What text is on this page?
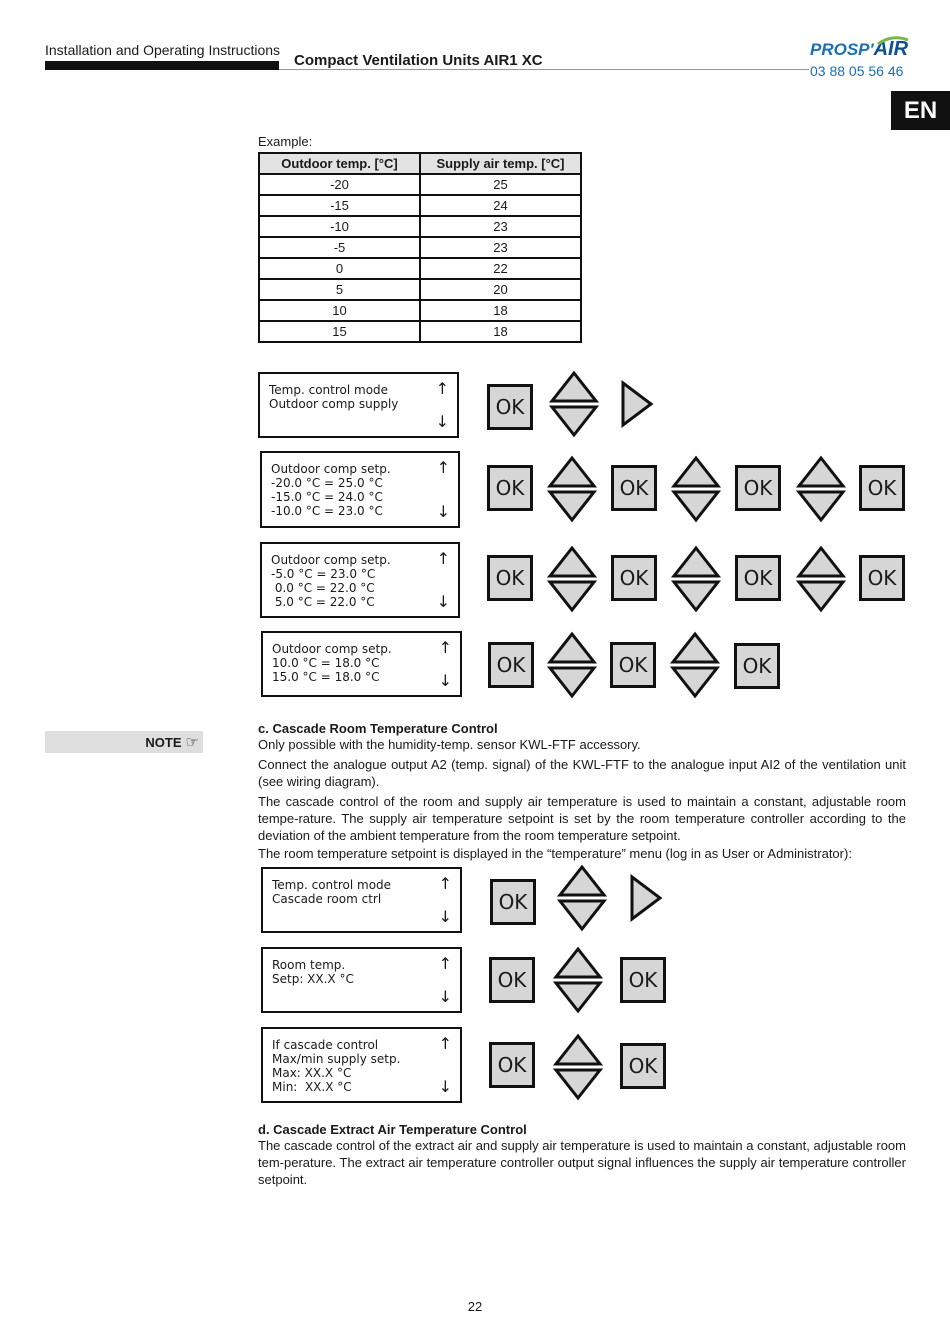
Installation and Operating Instructions
Compact Ventilation Units AIR1 XC
PROSP'AIR
03 88 05 56 46
EN
Example:
Outdoor temp. [°C]	Supply air temp. [°C]
-20	25
-15	24
-10	23
-5	23
0	22
5	20
10	18
15	18
Temp. control mode
Outdoor comp supply
↑
↓
OK
Outdoor comp setp.
-20.0 °C = 25.0 °C
-15.0 °C = 24.0 °C
-10.0 °C = 23.0 °C
↑
↓
OK	OK	OK	OK
Outdoor comp setp.
-5.0 °C = 23.0 °C
0.0 °C = 22.0 °C
5.0 °C = 22.0 °C
↑
↓
OK	OK	OK	OK
Outdoor comp setp.
10.0 °C = 18.0 °C
15.0 °C = 18.0 °C
↑
↓
OK	OK	OK
NOTE ☞
c. Cascade Room Temperature Control
Only possible with the humidity-temp. sensor KWL-FTF accessory.
Connect the analogue output A2 (temp. signal) of the KWL-FTF to the analogue input AI2 of the ventilation unit (see wiring diagram).
The cascade control of the room and supply air temperature is used to maintain a constant, adjustable room tempe-rature. The supply air temperature setpoint is set by the room temperature controller according to the deviation of the ambient temperature from the room temperature setpoint.
The room temperature setpoint is displayed in the “temperature” menu (log in as User or Administrator):
Temp. control mode
Cascade room ctrl
↑
↓
OK
Room temp.
Setp: XX.X °C
↑
↓
OK	OK
If cascade control
Max/min supply setp.
Max: XX.X °C
Min:  XX.X °C
↑
↓
OK	OK
d. Cascade Extract Air Temperature Control
The cascade control of the extract air and supply air temperature is used to maintain a constant, adjustable room tem-perature. The extract air temperature controller output signal influences the supply air temperature controller setpoint.
22
